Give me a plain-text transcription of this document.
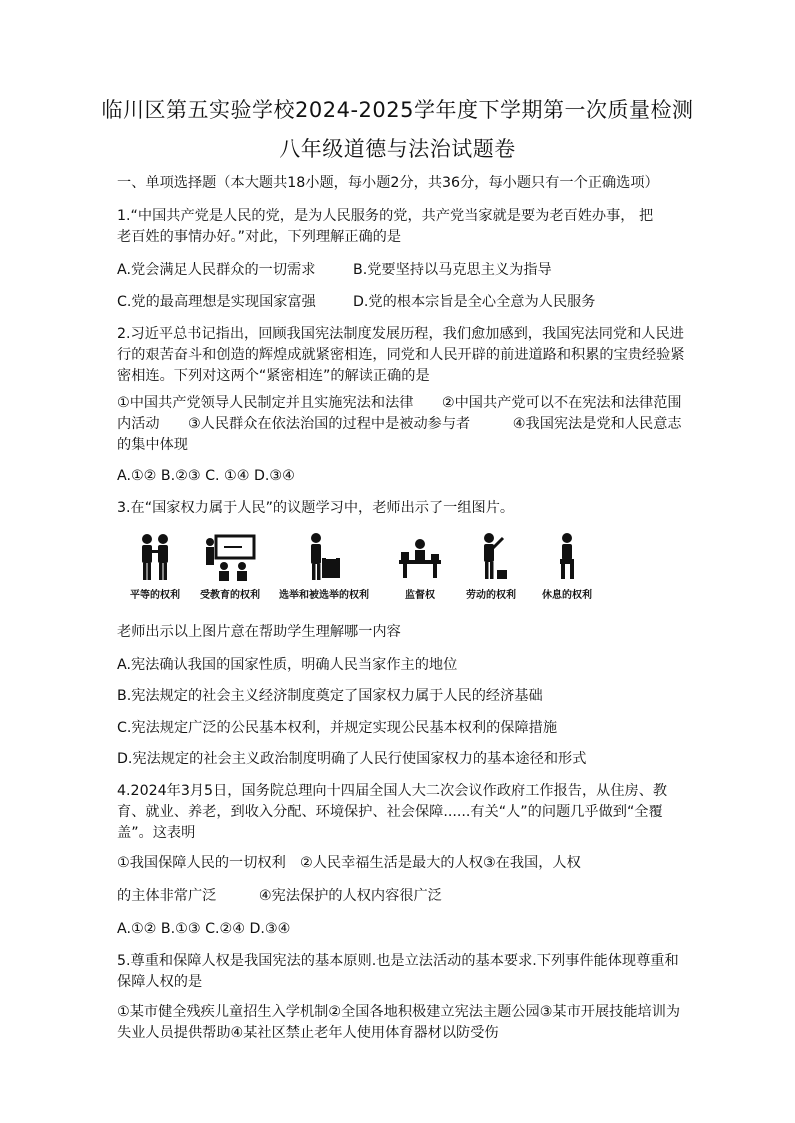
临川区第五实验学校2024-2025学年度下学期第一次质量检测
八年级道德与法治试题卷
一、单项选择题（本大题共18小题，每小题2分，共36分，每小题只有一个正确选项）
1.“中国共产党是人民的党，是为人民服务的党，共产党当家就是要为老百姓办事， 把
老百姓的事情办好。”对此，下列理解正确的是
A.党会满足人民群众的一切需求	B.党要坚持以马克思主义为指导
C.党的最高理想是实现国家富强	D.党的根本宗旨是全心全意为人民服务
2.习近平总书记指出，回顾我国宪法制度发展历程，我们愈加感到，我国宪法同党和人民进行的艰苦奋斗和创造的辉煌成就紧密相连，同党和人民开辟的前进道路和积累的宝贵经验紧密相连。下列对这两个“紧密相连”的解读正确的是
①中国共产党领导人民制定并且实施宪法和法律　　②中国共产党可以不在宪法和法律范围内活动　　③人民群众在依法治国的过程中是被动参与者　　　④我国宪法是党和人民意志的集中体现
A.①② B.②③ C. ①④ D.③④
3.在“国家权力属于人民”的议题学习中，老师出示了一组图片。
平等的权利	受教育的权利	选举和被选举的权利	监督权	劳动的权利	休息的权利
老师出示以上图片意在帮助学生理解哪一内容
A.宪法确认我国的国家性质，明确人民当家作主的地位
B.宪法规定的社会主义经济制度奠定了国家权力属于人民的经济基础
C.宪法规定广泛的公民基本权利，并规定实现公民基本权利的保障措施
D.宪法规定的社会主义政治制度明确了人民行使国家权力的基本途径和形式
4.2024年3月5日，国务院总理向十四届全国人大二次会议作政府工作报告，从住房、教育、就业、养老，到收入分配、环境保护、社会保障......有关“人”的问题几乎做到“全覆盖”。这表明
①我国保障人民的一切权利　②人民幸福生活是最大的人权③在我国，人权
的主体非常广泛　　　④宪法保护的人权内容很广泛
A.①② B.①③ C.②④ D.③④
5.尊重和保障人权是我国宪法的基本原则.也是立法活动的基本要求.下列事件能体现尊重和保障人权的是
①某市健全残疾儿童招生入学机制②全国各地积极建立宪法主题公园③某市开展技能培训为失业人员提供帮助④某社区禁止老年人使用体育器材以防受伤
